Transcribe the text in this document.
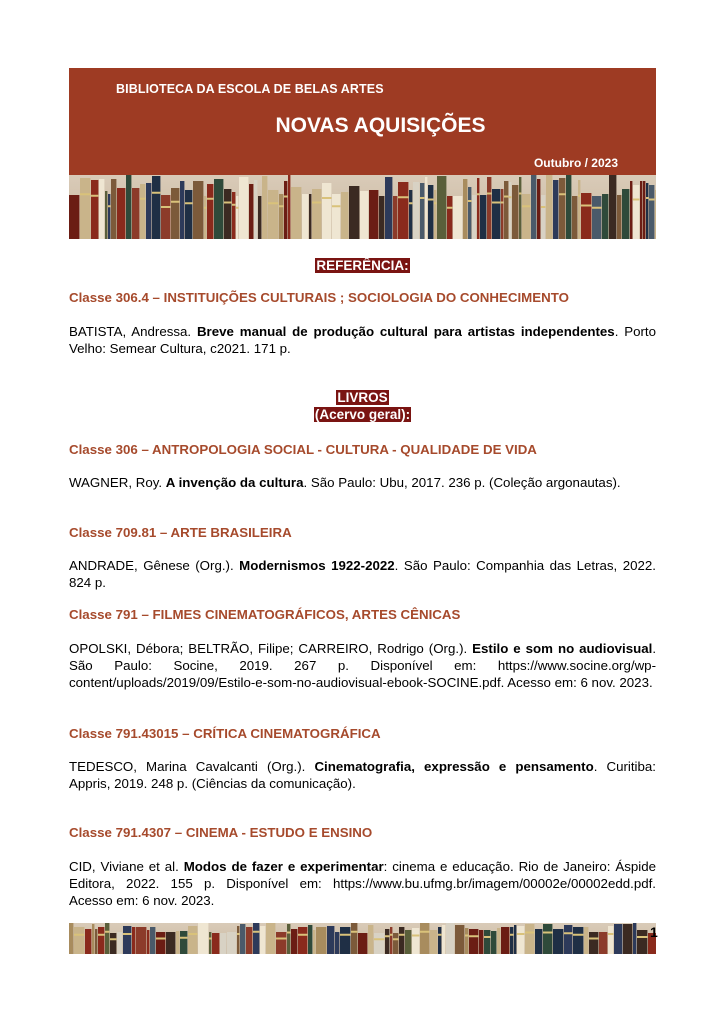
BIBLIOTECA DA ESCOLA DE BELAS ARTES
NOVAS AQUISIÇÕES
Outubro / 2023
REFERÊNCIA:
Classe 306.4 – INSTITUIÇÕES CULTURAIS ; SOCIOLOGIA DO CONHECIMENTO
BATISTA, Andressa. Breve manual de produção cultural para artistas independentes. Porto Velho: Semear Cultura, c2021. 171 p.
LIVROS
(Acervo geral):
Classe 306 – ANTROPOLOGIA SOCIAL - CULTURA - QUALIDADE DE VIDA
WAGNER, Roy. A invenção da cultura. São Paulo: Ubu, 2017. 236 p. (Coleção argonautas).
Classe 709.81 – ARTE BRASILEIRA
ANDRADE, Gênese (Org.). Modernismos 1922-2022. São Paulo: Companhia das Letras, 2022. 824 p.
Classe 791 – FILMES CINEMATOGRÁFICOS, ARTES CÊNICAS
OPOLSKI, Débora; BELTRÃO, Filipe; CARREIRO, Rodrigo (Org.). Estilo e som no audiovisual. São Paulo: Socine, 2019. 267 p. Disponível em: https://www.socine.org/wp-content/uploads/2019/09/Estilo-e-som-no-audiovisual-ebook-SOCINE.pdf. Acesso em: 6 nov. 2023.
Classe 791.43015 – CRÍTICA CINEMATOGRÁFICA
TEDESCO, Marina Cavalcanti (Org.). Cinematografia, expressão e pensamento. Curitiba: Appris, 2019. 248 p. (Ciências da comunicação).
Classe 791.4307 – CINEMA - ESTUDO E ENSINO
CID, Viviane et al. Modos de fazer e experimentar: cinema e educação. Rio de Janeiro: Áspide Editora, 2022. 155 p. Disponível em: https://www.bu.ufmg.br/imagem/00002e/00002edd.pdf. Acesso em: 6 nov. 2023.
1
